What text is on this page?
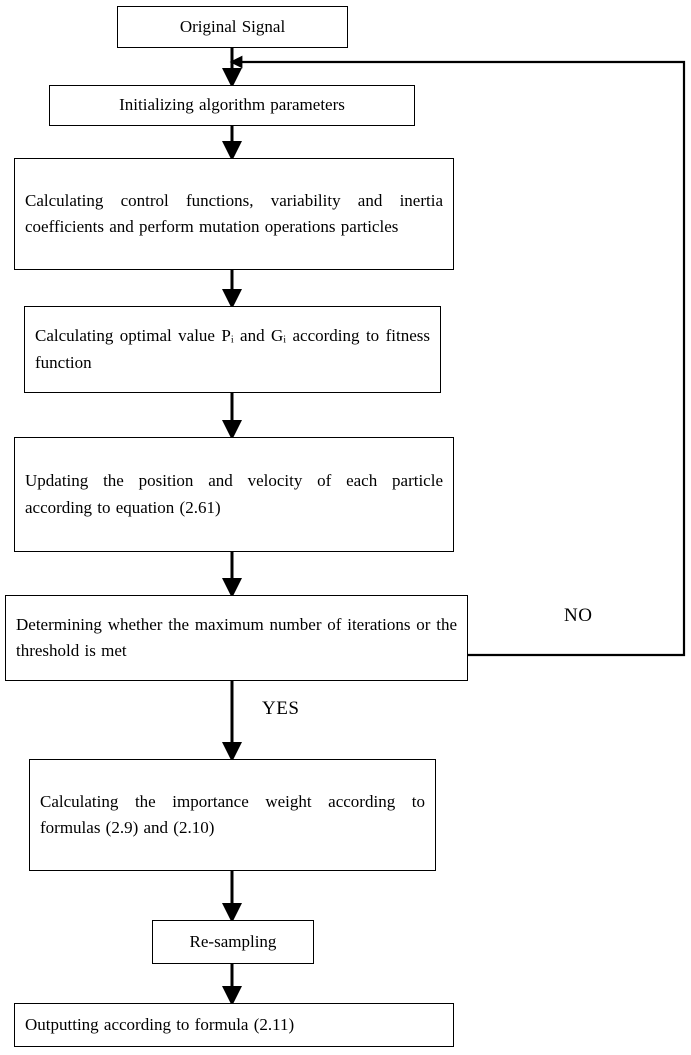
Original Signal
Initializing algorithm parameters
Calculating control functions, variability and inertia coefficients and perform mutation operations particles
Calculating optimal value Pᵢ and Gᵢ according to fitness function
Updating the position and velocity of each particle according to equation (2.61)
Determining whether the maximum number of iterations or the threshold is met
Calculating the importance weight according to formulas (2.9) and (2.10)
Re-sampling
Outputting according to formula (2.11)
NO
YES
